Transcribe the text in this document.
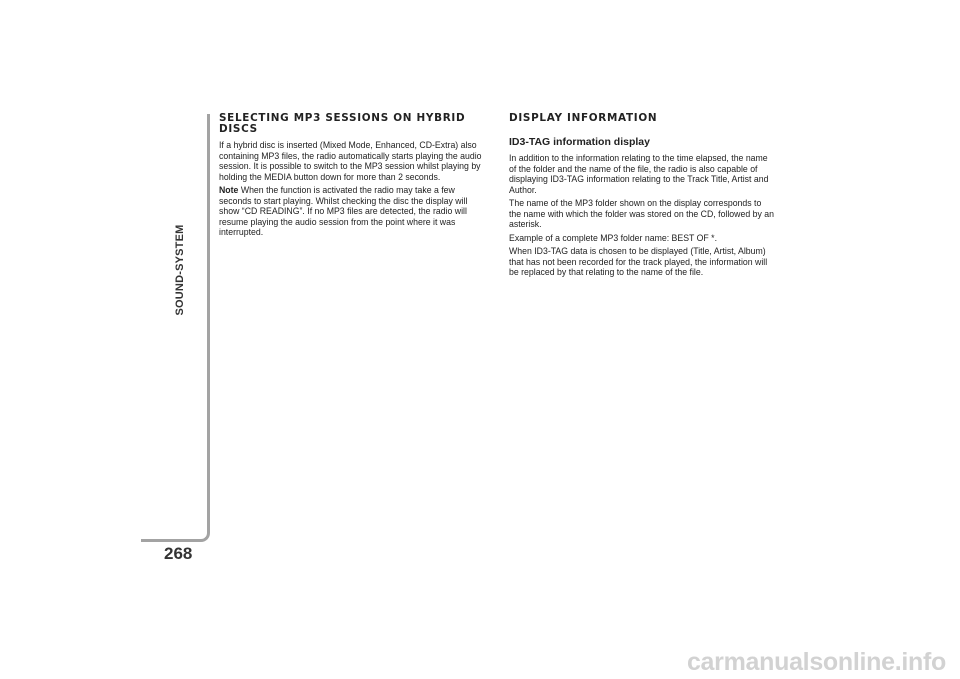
SOUND-SYSTEM
268
SELECTING MP3 SESSIONS ON HYBRID DISCS

If a hybrid disc is inserted (Mixed Mode, Enhanced, CD-Extra) also containing MP3 files, the radio automatically starts playing the audio session. It is possible to switch to the MP3 session whilst playing by holding the MEDIA button down for more than 2 seconds.

Note When the function is activated the radio may take a few seconds to start playing. Whilst checking the disc the display will show “CD READING”. If no MP3 files are detected, the radio will resume playing the audio session from the point where it was interrupted.

DISPLAY INFORMATION
ID3-TAG information display

In addition to the information relating to the time elapsed, the name of the folder and the name of the file, the radio is also capable of displaying ID3-TAG information relating to the Track Title, Artist and Author.

The name of the MP3 folder shown on the display corresponds to the name with which the folder was stored on the CD, followed by an asterisk.

Example of a complete MP3 folder name: BEST OF *.

When ID3-TAG data is chosen to be displayed (Title, Artist, Album) that has not been recorded for the track played, the information will be replaced by that relating to the name of the file.

carmanualsonline.info
